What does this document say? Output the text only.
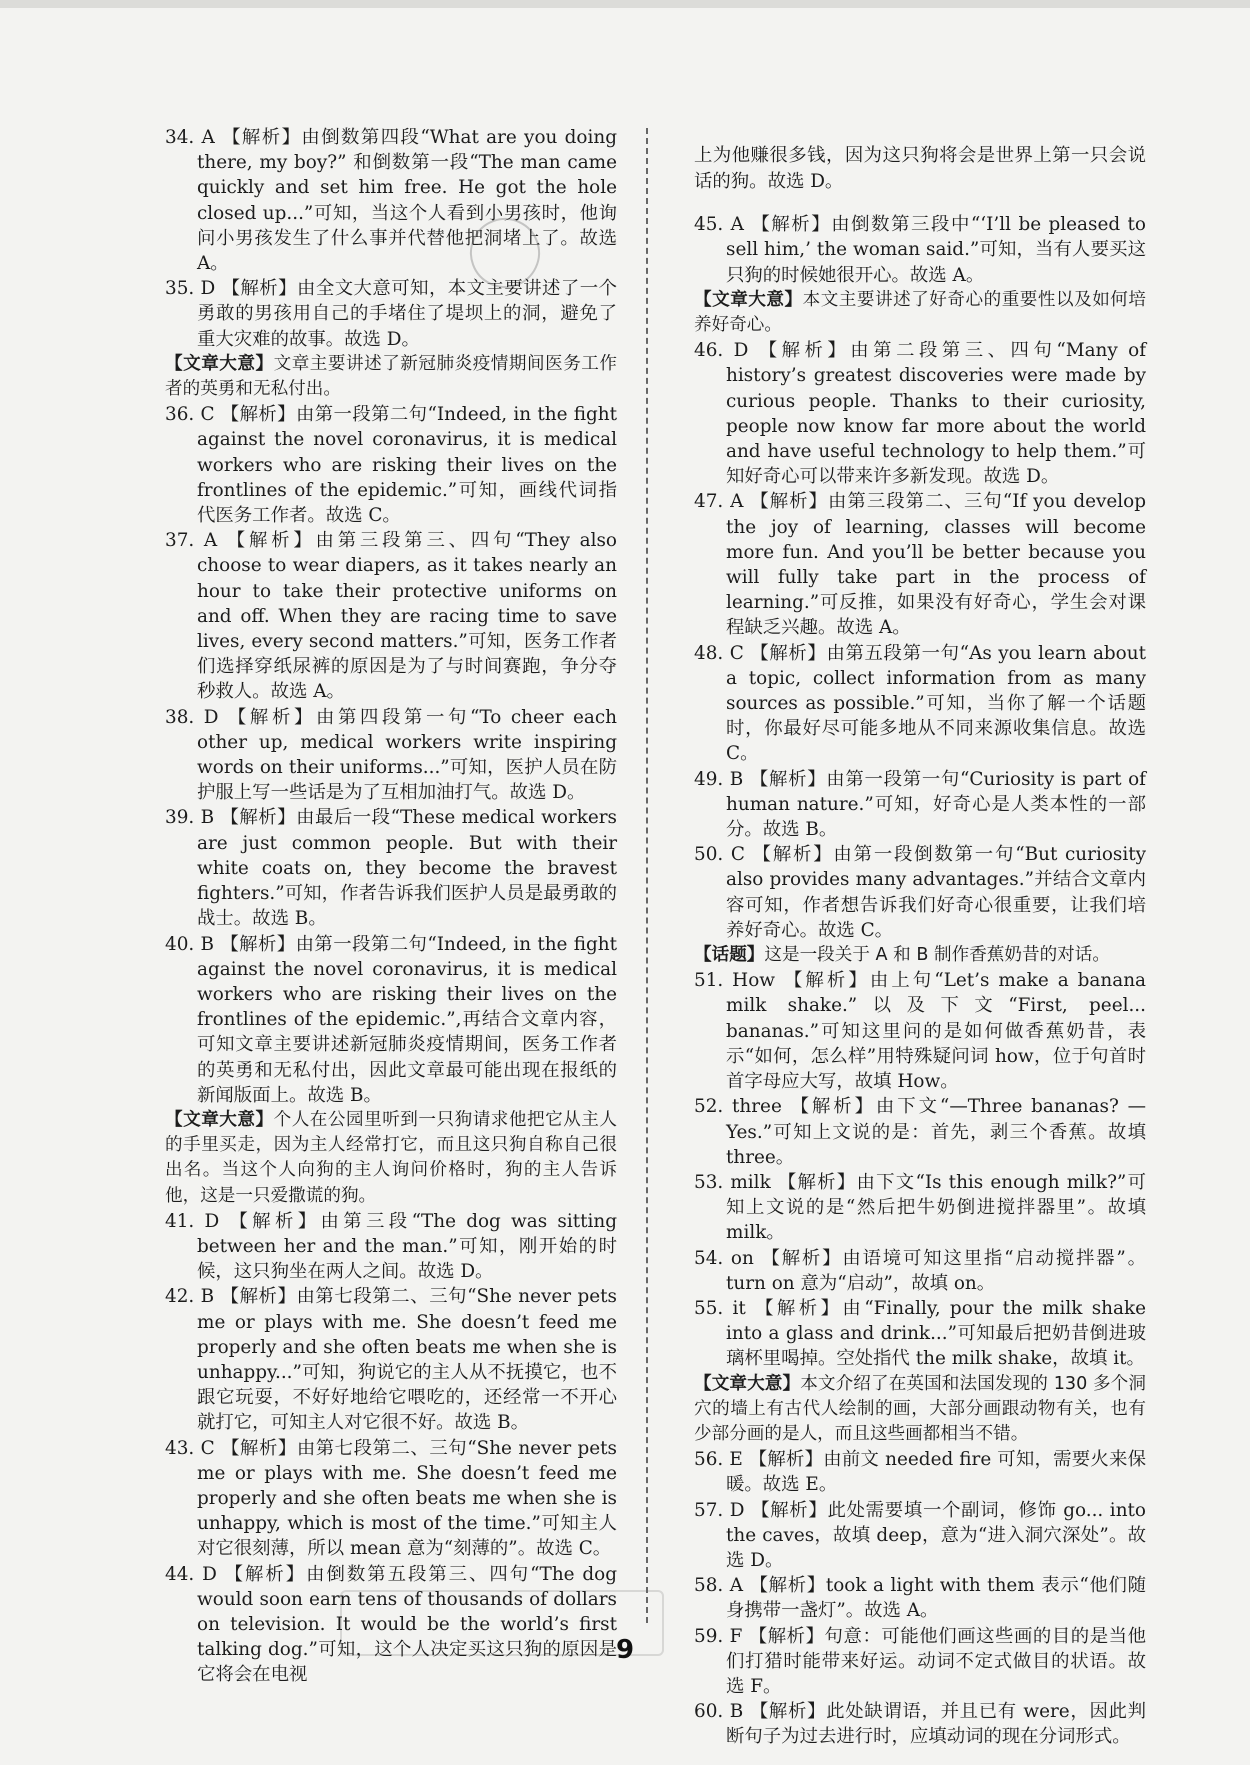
34. A 【解析】由倒数第四段“What are you doing there, my boy?” 和倒数第一段“The man came quickly and set him free. He got the hole closed up...”可知，当这个人看到小男孩时，他询问小男孩发生了什么事并代替他把洞堵上了。故选 A。

35. D 【解析】由全文大意可知，本文主要讲述了一个勇敢的男孩用自己的手堵住了堤坝上的洞，避免了重大灾难的故事。故选 D。

【文章大意】文章主要讲述了新冠肺炎疫情期间医务工作者的英勇和无私付出。

36. C 【解析】由第一段第二句“Indeed, in the fight against the novel coronavirus, it is medical workers who are risking their lives on the frontlines of the epidemic.”可知，画线代词指代医务工作者。故选 C。

37. A 【解析】由第三段第三、四句“They also choose to wear diapers, as it takes nearly an hour to take their protective uniforms on and off. When they are racing time to save lives, every second matters.”可知，医务工作者们选择穿纸尿裤的原因是为了与时间赛跑，争分夺秒救人。故选 A。

38. D 【解析】由第四段第一句“To cheer each other up, medical workers write inspiring words on their uniforms...”可知，医护人员在防护服上写一些话是为了互相加油打气。故选 D。

39. B 【解析】由最后一段“These medical workers are just common people. But with their white coats on, they become the bravest fighters.”可知，作者告诉我们医护人员是最勇敢的战士。故选 B。

40. B 【解析】由第一段第二句“Indeed, in the fight against the novel coronavirus, it is medical workers who are risking their lives on the frontlines of the epidemic.”,再结合文章内容，可知文章主要讲述新冠肺炎疫情期间，医务工作者的英勇和无私付出，因此文章最可能出现在报纸的新闻版面上。故选 B。

【文章大意】个人在公园里听到一只狗请求他把它从主人的手里买走，因为主人经常打它，而且这只狗自称自己很出名。当这个人向狗的主人询问价格时，狗的主人告诉他，这是一只爱撒谎的狗。

41. D 【解析】由第三段“The dog was sitting between her and the man.”可知，刚开始的时候，这只狗坐在两人之间。故选 D。

42. B 【解析】由第七段第二、三句“She never pets me or plays with me. She doesn’t feed me properly and she often beats me when she is unhappy...”可知，狗说它的主人从不抚摸它，也不跟它玩耍，不好好地给它喂吃的，还经常一不开心就打它，可知主人对它很不好。故选 B。

43. C 【解析】由第七段第二、三句“She never pets me or plays with me. She doesn’t feed me properly and she often beats me when she is unhappy, which is most of the time.”可知主人对它很刻薄，所以 mean 意为“刻薄的”。故选 C。

44. D 【解析】由倒数第五段第三、四句“The dog would soon earn tens of thousands of dollars on television. It would be the world’s first talking dog.”可知，这个人决定买这只狗的原因是它将会在电视

上为他赚很多钱，因为这只狗将会是世界上第一只会说话的狗。故选 D。

45. A 【解析】由倒数第三段中“‘I’ll be pleased to sell him,’ the woman said.”可知，当有人要买这只狗的时候她很开心。故选 A。

【文章大意】本文主要讲述了好奇心的重要性以及如何培养好奇心。

46. D 【解析】由第二段第三、四句“Many of history’s greatest discoveries were made by curious people. Thanks to their curiosity, people now know far more about the world and have useful technology to help them.”可知好奇心可以带来许多新发现。故选 D。

47. A 【解析】由第三段第二、三句“If you develop the joy of learning, classes will become more fun. And you’ll be better because you will fully take part in the process of learning.”可反推，如果没有好奇心，学生会对课程缺乏兴趣。故选 A。

48. C 【解析】由第五段第一句“As you learn about a topic, collect information from as many sources as possible.”可知，当你了解一个话题时，你最好尽可能多地从不同来源收集信息。故选 C。

49. B 【解析】由第一段第一句“Curiosity is part of human nature.”可知，好奇心是人类本性的一部分。故选 B。

50. C 【解析】由第一段倒数第一句“But curiosity also provides many advantages.”并结合文章内容可知，作者想告诉我们好奇心很重要，让我们培养好奇心。故选 C。

【话题】这是一段关于 A 和 B 制作香蕉奶昔的对话。

51. How 【解析】由上句“Let’s make a banana milk shake.”以及下文“First, peel... bananas.”可知这里问的是如何做香蕉奶昔，表示“如何，怎么样”用特殊疑问词 how，位于句首时首字母应大写，故填 How。

52. three 【解析】由下文“—Three bananas? —Yes.”可知上文说的是：首先，剥三个香蕉。故填 three。

53. milk 【解析】由下文“Is this enough milk?”可知上文说的是“然后把牛奶倒进搅拌器里”。故填 milk。

54. on 【解析】由语境可知这里指“启动搅拌器”。turn on 意为“启动”，故填 on。

55. it 【解析】由“Finally, pour the milk shake into a glass and drink...”可知最后把奶昔倒进玻璃杯里喝掉。空处指代 the milk shake，故填 it。

【文章大意】本文介绍了在英国和法国发现的 130 多个洞穴的墙上有古代人绘制的画，大部分画跟动物有关，也有少部分画的是人，而且这些画都相当不错。

56. E 【解析】由前文 needed fire 可知，需要火来保暖。故选 E。

57. D 【解析】此处需要填一个副词，修饰 go... into the caves，故填 deep，意为“进入洞穴深处”。故选 D。

58. A 【解析】took a light with them 表示“他们随身携带一盏灯”。故选 A。

59. F 【解析】句意：可能他们画这些画的目的是当他们打猎时能带来好运。动词不定式做目的状语。故选 F。

60. B 【解析】此处缺谓语，并且已有 were，因此判断句子为过去进行时，应填动词的现在分词形式。

9
